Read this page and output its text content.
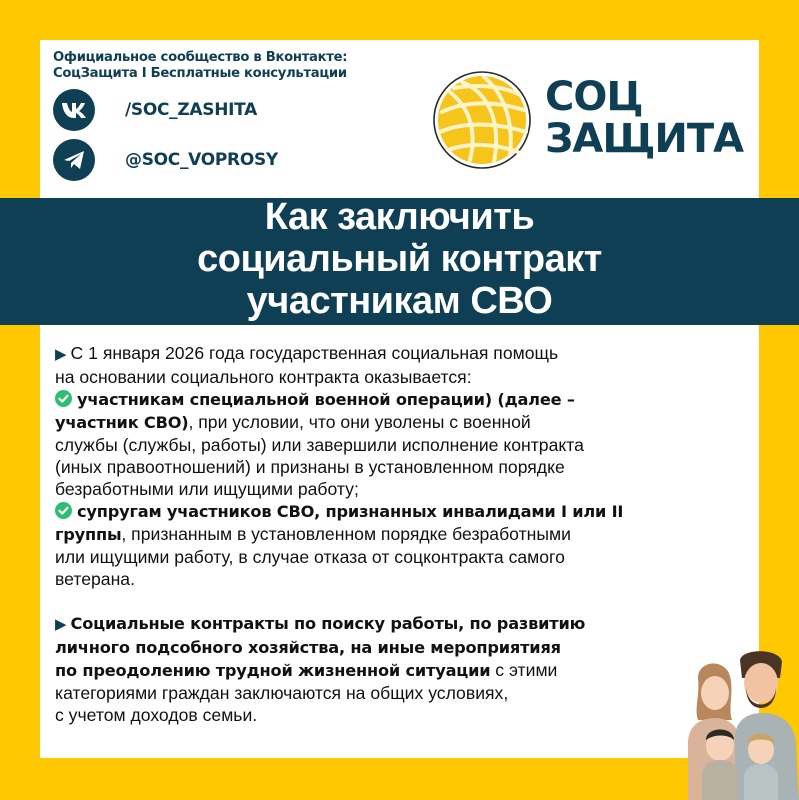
Официальное сообщество в Вконтакте:
СоцЗащита I Бесплатные консультации
/SOC_ZASHITA
@SOC_VOPROSY
СОЦ
ЗАЩИТА
Как заключить
социальный контракт
участникам СВО
▶ С 1 января 2026 года государственная социальная помощь
на основании социального контракта оказывается:
участникам специальной военной операции) (далее –
участник СВО), при условии, что они уволены с военной
службы (службы, работы) или завершили исполнение контракта
(иных правоотношений) и признаны в установленном порядке
безработными или ищущими работу;
супругам участников СВО, признанных инвалидами I или II
группы, признанным в установленном порядке безработными
или ищущими работу, в случае отказа от соцконтракта самого
ветерана.
▶ Социальные контракты по поиску работы, по развитию
личного подсобного хозяйства, на иные мероприятияя
по преодолению трудной жизненной ситуации с этими
категориями граждан заключаются на общих условиях,
с учетом доходов семьи.
